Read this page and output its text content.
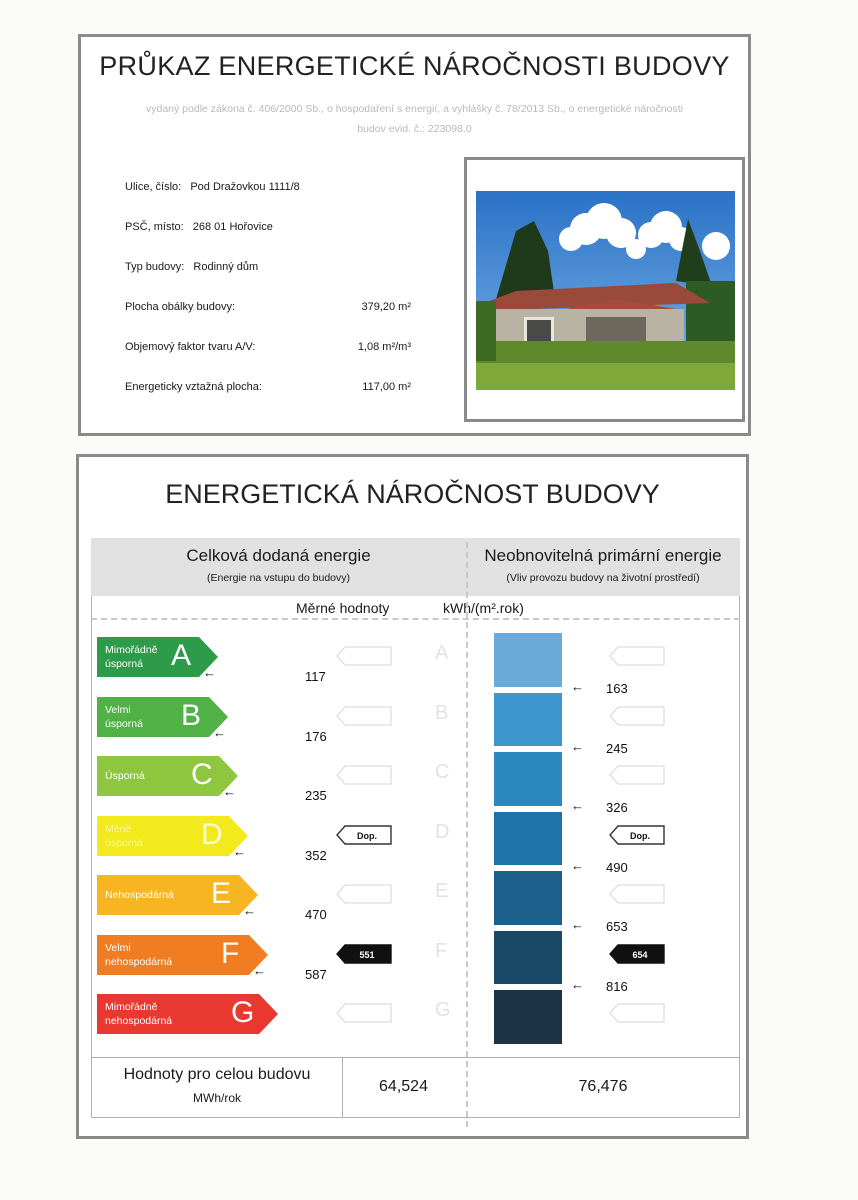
PRŮKAZ ENERGETICKÉ NÁROČNOSTI BUDOVY
vydaný podle zákona č. 406/2000 Sb., o hospodaření s energií, a vyhlášky č. 78/2013 Sb., o energetické náročnosti
budov evid. č.: 223098.0
Ulice, číslo: Pod Dražovkou 1111/8
PSČ, místo: 268 01 Hořovice
Typ budovy: Rodinný dům
Plocha obálky budovy:	379,20 m²
Objemový faktor tvaru A/V:	1,08 m²/m³
Energeticky vztažná plocha:	117,00 m²
ENERGETICKÁ NÁROČNOST BUDOVY
Celková dodaná energie
(Energie na vstupu do budovy)
Neobnovitelná primární energie
(Vliv provozu budovy na životní prostředí)
Měrné hodnoty	kWh/(m².rok)
Mimořádně
úsporná A	A
117
←
163
←
Velmi
úsporná B	B
176
←
245
←
Úsporná C	C
235
←
326
←
Méně
úsporná D	D
Dop.	Dop.
352
←
490
←
Nehospodárná E	E
470
←
653
←
Velmi
nehospodárná F	F
551	654
587
←
816
←
Mimořádně
nehospodárná G	G
Hodnoty pro celou budovu
MWh/rok
64,524	76,476
